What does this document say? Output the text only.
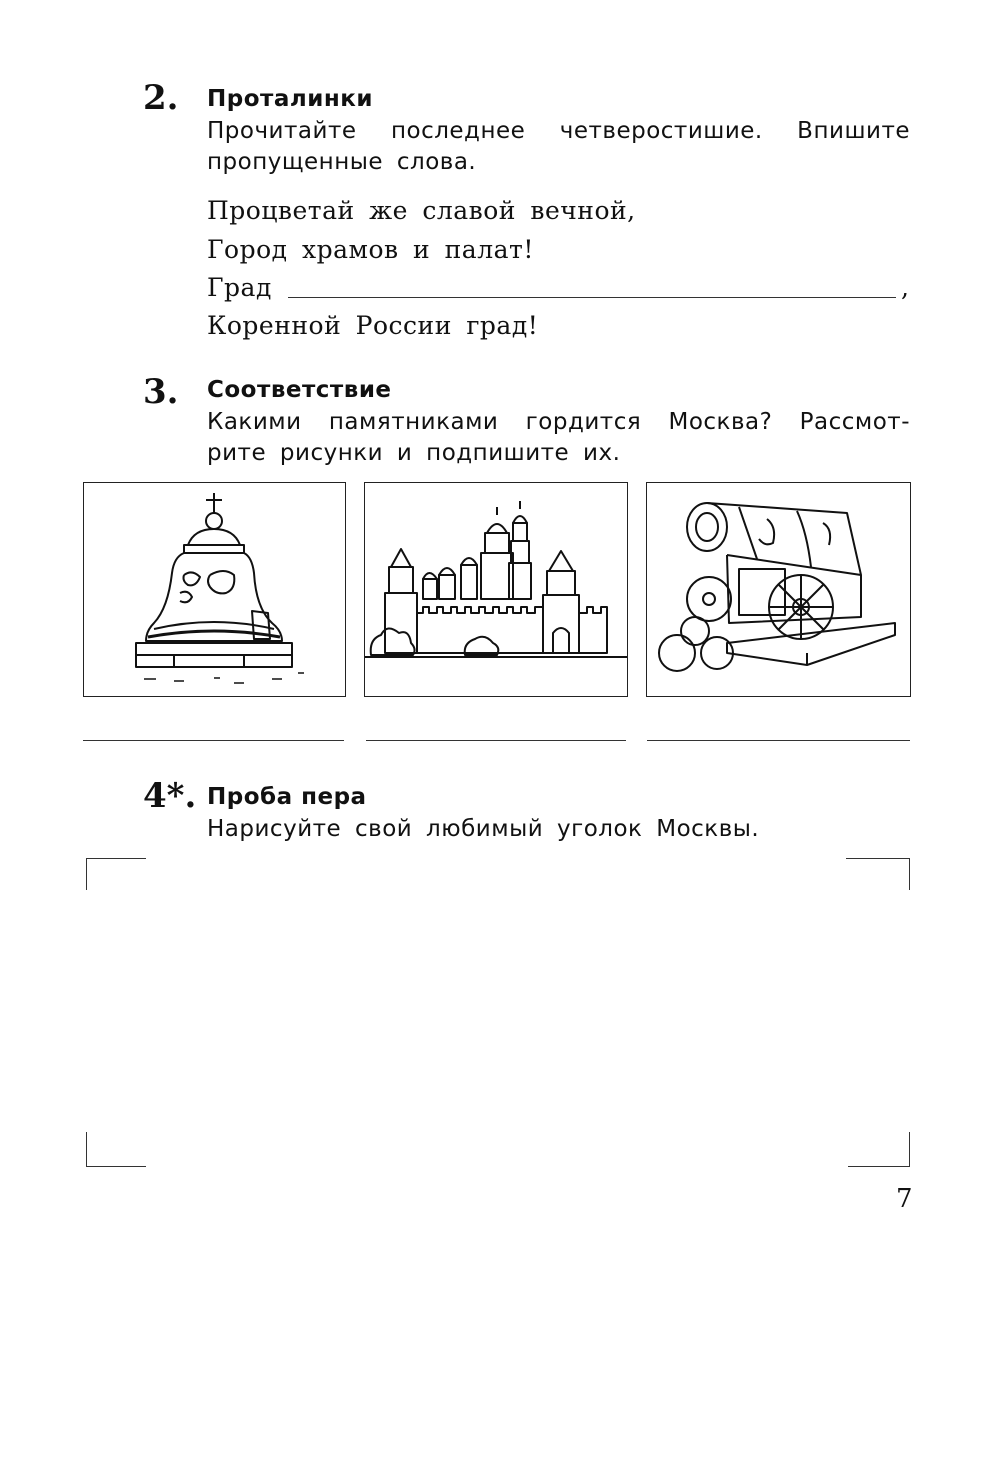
2. Проталинки
Прочитайте последнее четверостишие. Впишите
пропущенные слова.
Процветай же славой вечной,
Город храмов и палат!
Град	,
Коренной России град!
3. Соответствие
Какими памятниками гордится Москва? Рассмот-
рите рисунки и подпишите их.
4*. Проба пера
Нарисуйте свой любимый уголок Москвы.
7
